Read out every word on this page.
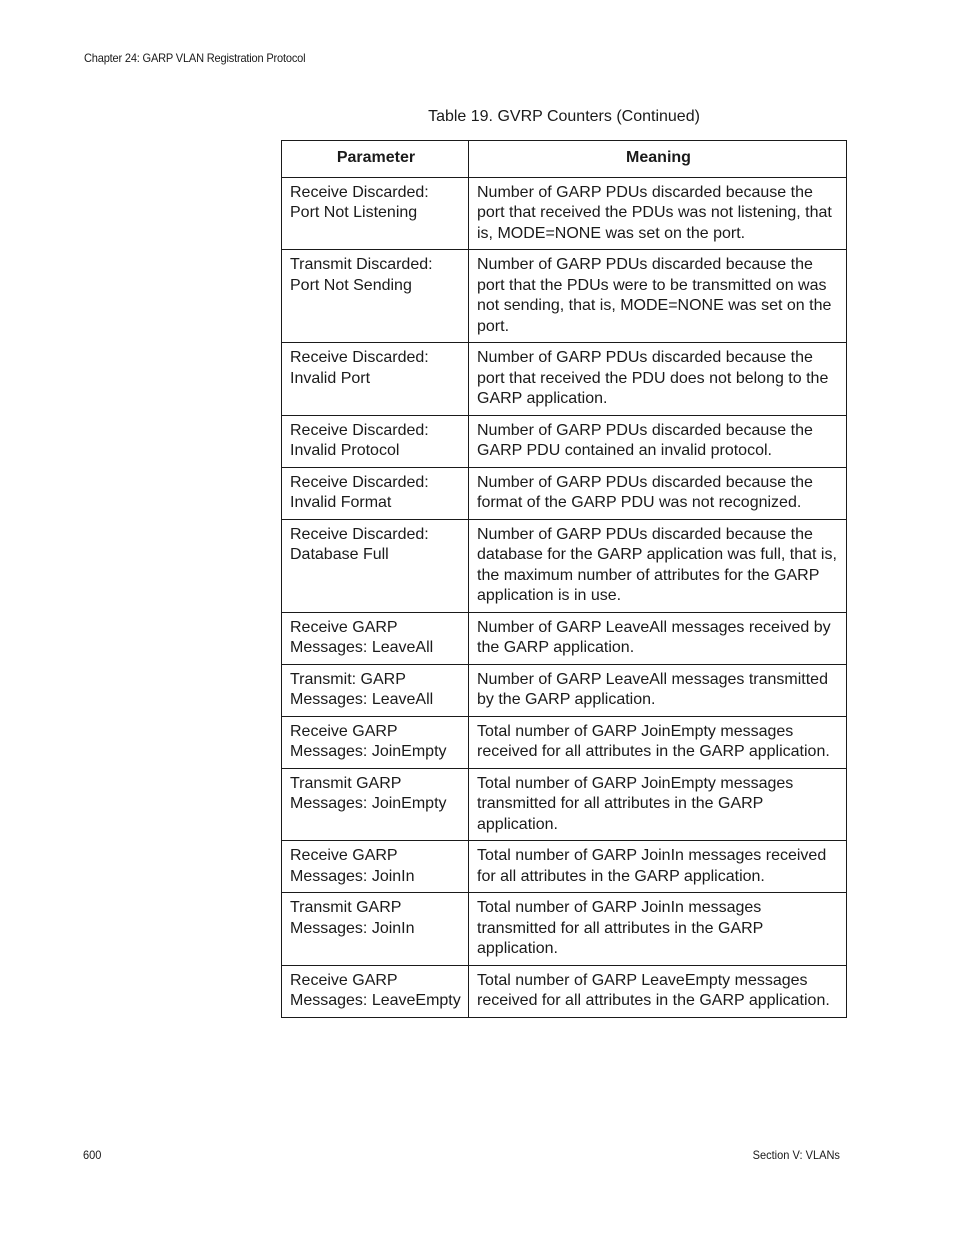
Chapter 24: GARP VLAN Registration Protocol
Table 19. GVRP Counters (Continued)
Parameter	Meaning
Receive Discarded: Port Not Listening	Number of GARP PDUs discarded because the port that received the PDUs was not listening, that is, MODE=NONE was set on the port.
Transmit Discarded: Port Not Sending	Number of GARP PDUs discarded because the port that the PDUs were to be transmitted on was not sending, that is, MODE=NONE was set on the port.
Receive Discarded: Invalid Port	Number of GARP PDUs discarded because the port that received the PDU does not belong to the GARP application.
Receive Discarded: Invalid Protocol	Number of GARP PDUs discarded because the GARP PDU contained an invalid protocol.
Receive Discarded: Invalid Format	Number of GARP PDUs discarded because the format of the GARP PDU was not recognized.
Receive Discarded: Database Full	Number of GARP PDUs discarded because the database for the GARP application was full, that is, the maximum number of attributes for the GARP application is in use.
Receive GARP Messages: LeaveAll	Number of GARP LeaveAll messages received by the GARP application.
Transmit: GARP Messages: LeaveAll	Number of GARP LeaveAll messages transmitted by the GARP application.
Receive GARP Messages: JoinEmpty	Total number of GARP JoinEmpty messages received for all attributes in the GARP application.
Transmit GARP Messages: JoinEmpty	Total number of GARP JoinEmpty messages transmitted for all attributes in the GARP application.
Receive GARP Messages: JoinIn	Total number of GARP JoinIn messages received for all attributes in the GARP application.
Transmit GARP Messages: JoinIn	Total number of GARP JoinIn messages transmitted for all attributes in the GARP application.
Receive GARP Messages: LeaveEmpty	Total number of GARP LeaveEmpty messages received for all attributes in the GARP application.
600	Section V: VLANs
